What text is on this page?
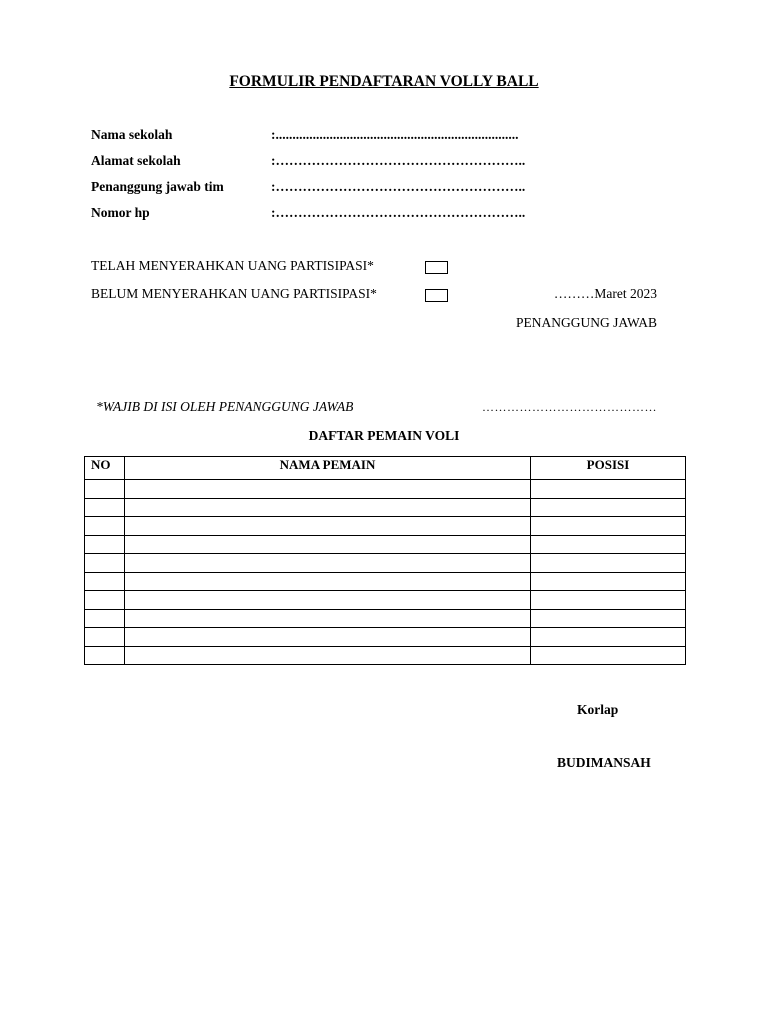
FORMULIR PENDAFTARAN VOLLY BALL
Nama sekolah	:........................................................................
Alamat sekolah	:………………………………………………..
Penanggung jawab tim	:………………………………………………..
Nomor hp	:………………………………………………..
TELAH MENYERAHKAN UANG PARTISIPASI*
BELUM MENYERAHKAN UANG PARTISIPASI*	………Maret 2023
PENANGGUNG JAWAB
*WAJIB DI ISI OLEH PENANGGUNG JAWAB	……………………………………
DAFTAR PEMAIN VOLI
NO	NAMA PEMAIN	POSISI

Korlap
BUDIMANSAH
